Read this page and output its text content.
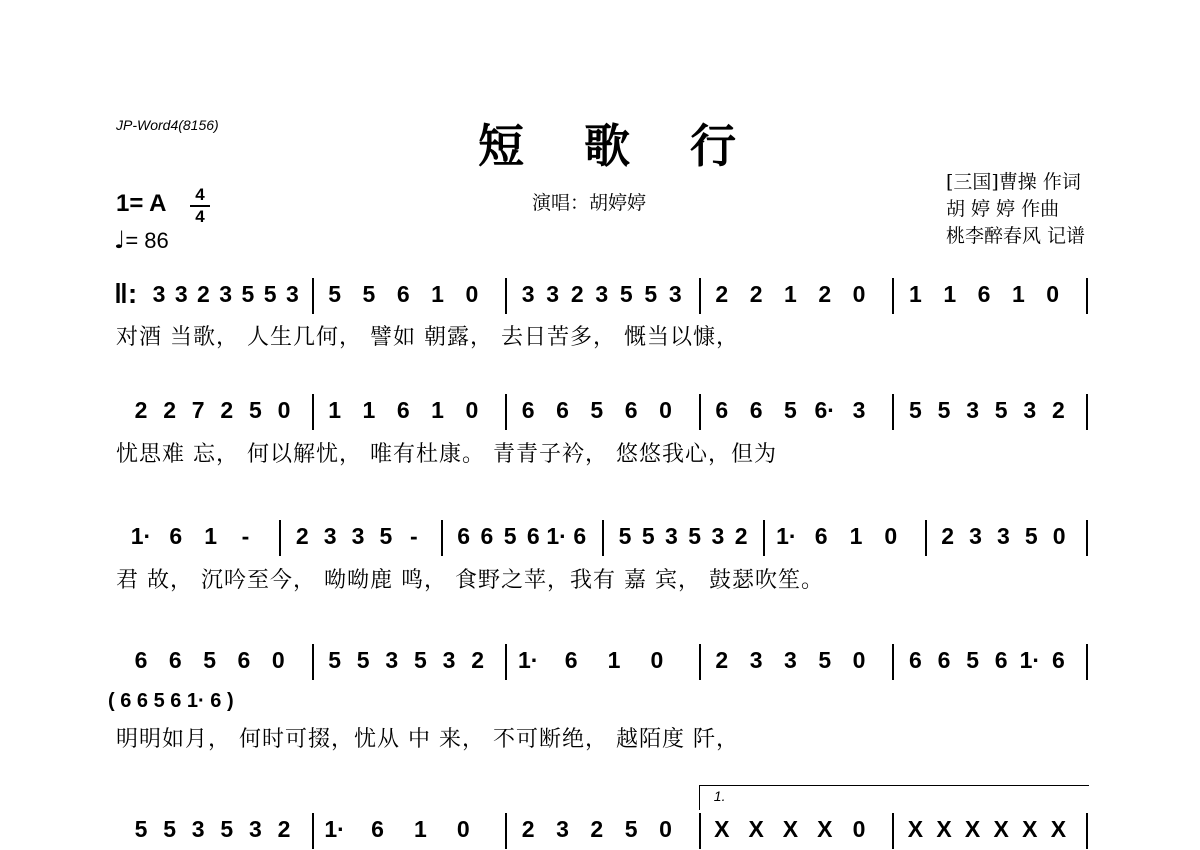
JP-Word4(8156)	短 歌 行
演唱：胡婷婷
[三国]曹操 作词
胡 婷 婷 作曲
桃李醉春风 记谱
1= A	4
4
♩= 86
‖: 3 3 2 3 5 5 3 5 5 6 1 0 3 3 2 3 5 5 3 2 2 1 2 0 1 1 6 1 0
对酒 当歌， 人生几何， 譬如 朝露， 去日苦多， 慨当以慷，
2 2 7 2 5 0 1 1 6 1 0 6 6 5 6 0 6 6 5 6· 3 5 5 3 5 3 2
忧思难 忘， 何以解忧， 唯有杜康。 青青子衿， 悠悠我心，但为
1· 6 1	-	2 3 3 5 -	6 6 5 6 1· 6 5 5 3 5 3 2 1· 6 1 0 2 3 3 5 0
君 故， 沉吟至今， 呦呦鹿 鸣， 食野之苹，我有 嘉 宾， 鼓瑟吹笙。
6 6 5 6 0 5 5 3 5 3 2 1· 6 1 0 2 3 3 5 0 6 6 5 6 1· 6
( 6 6 5 6 1· 6 )
明明如月， 何时可掇，忧从 中 来， 不可断绝， 越陌度 阡，
5 5 3 5 3 2 1· 6 1 0 2 3 2 5 0 X X X X 0 X X X X X X
1.
